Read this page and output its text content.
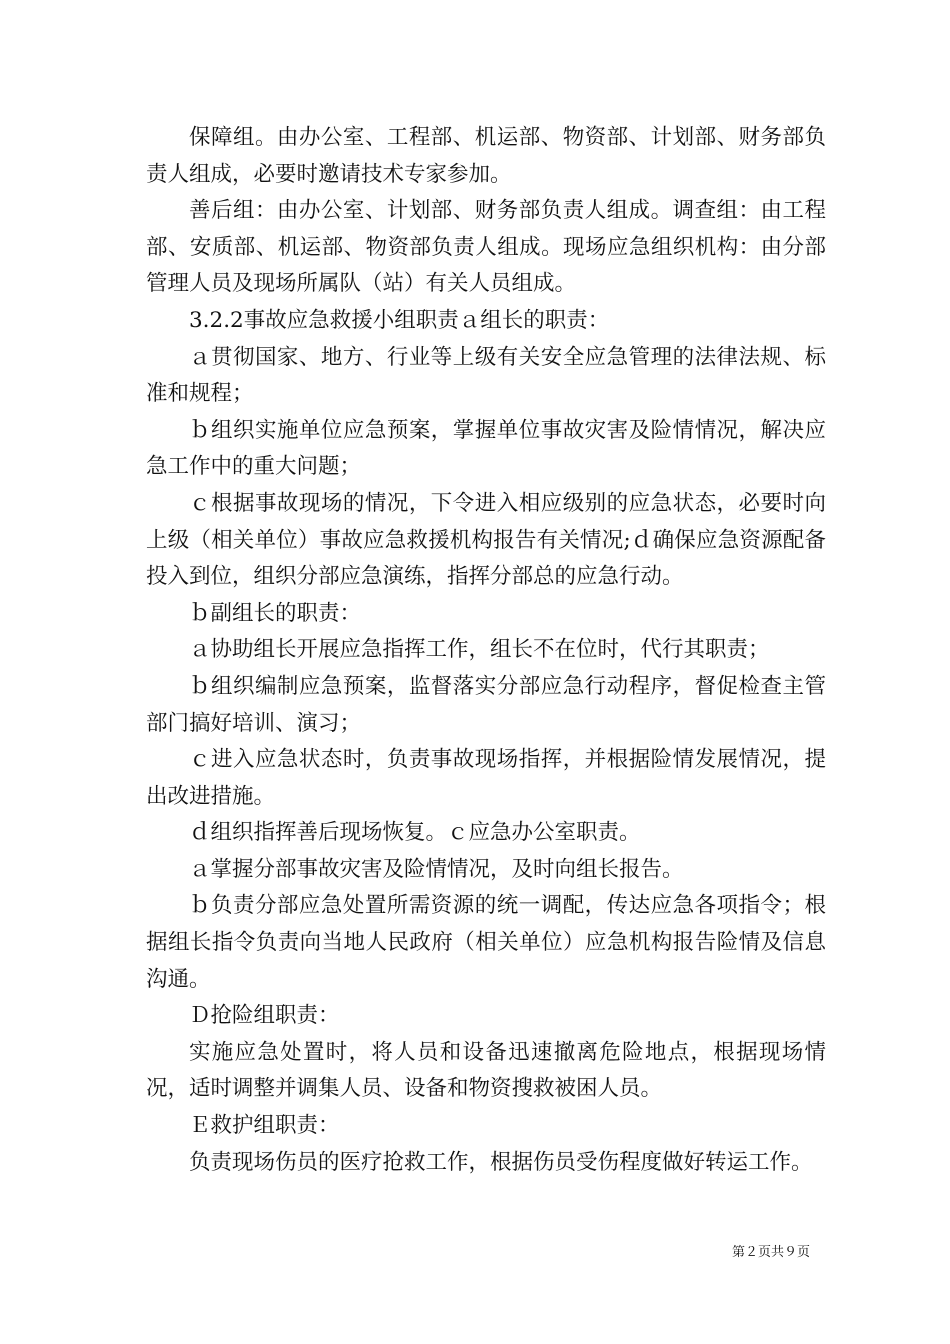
保障组。由办公室、工程部、机运部、物资部、计划部、财务部负责人组成，必要时邀请技术专家参加。

善后组：由办公室、计划部、财务部负责人组成。调查组：由工程部、安质部、机运部、物资部负责人组成。现场应急组织机构：由分部管理人员及现场所属队（站）有关人员组成。

3.2.2事故应急救援小组职责ａ组长的职责：

ａ贯彻国家、地方、行业等上级有关安全应急管理的法律法规、标准和规程；

ｂ组织实施单位应急预案，掌握单位事故灾害及险情情况，解决应急工作中的重大问题；

ｃ根据事故现场的情况，下令进入相应级别的应急状态，必要时向上级（相关单位）事故应急救援机构报告有关情况;ｄ确保应急资源配备投入到位，组织分部应急演练，指挥分部总的应急行动。

ｂ副组长的职责：

ａ协助组长开展应急指挥工作，组长不在位时，代行其职责；

ｂ组织编制应急预案，监督落实分部应急行动程序，督促检查主管部门搞好培训、演习；

ｃ进入应急状态时，负责事故现场指挥，并根据险情发展情况，提出改进措施。

ｄ组织指挥善后现场恢复。ｃ应急办公室职责。

ａ掌握分部事故灾害及险情情况，及时向组长报告。

ｂ负责分部应急处置所需资源的统一调配，传达应急各项指令；根据组长指令负责向当地人民政府（相关单位）应急机构报告险情及信息沟通。

Ｄ抢险组职责：

实施应急处置时，将人员和设备迅速撤离危险地点，根据现场情况，适时调整并调集人员、设备和物资搜救被困人员。

Ｅ救护组职责：

负责现场伤员的医疗抢救工作，根据伤员受伤程度做好转运工作。

第２页共９页
